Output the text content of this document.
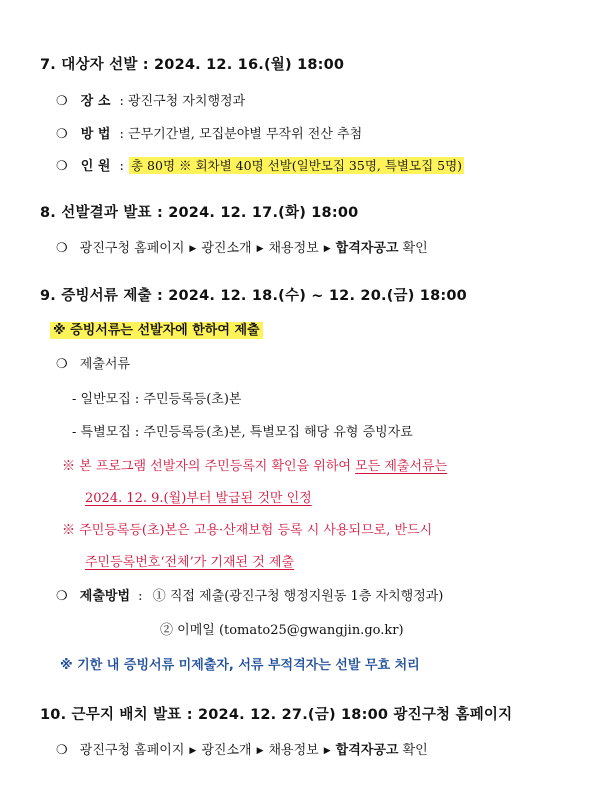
7. 대상자 선발 : 2024. 12. 16.(월) 18:00
❍ 장 소 : 광진구청 자치행정과
❍ 방 법 : 근무기간별, 모집분야별 무작위 전산 추첨
❍ 인 원 : 총 80명 ※ 회차별 40명 선발(일반모집 35명, 특별모집 5명)
8. 선발결과 발표 : 2024. 12. 17.(화) 18:00
❍ 광진구청 홈페이지 ▶ 광진소개 ▶ 채용정보 ▶ 합격자공고 확인
9. 증빙서류 제출 : 2024. 12. 18.(수) ~ 12. 20.(금) 18:00
※ 증빙서류는 선발자에 한하여 제출
❍ 제출서류
- 일반모집 : 주민등록등(초)본
- 특별모집 : 주민등록등(초)본, 특별모집 해당 유형 증빙자료
※ 본 프로그램 선발자의 주민등록지 확인을 위하여 모든 제출서류는
2024. 12. 9.(월)부터 발급된 것만 인정
※ 주민등록등(초)본은 고용·산재보험 등록 시 사용되므로, 반드시
주민등록번호‘전체’가 기재된 것 제출
❍ 제출방법 : ① 직접 제출(광진구청 행정지원동 1층 자치행정과)
② 이메일 (tomato25@gwangjin.go.kr)
※ 기한 내 증빙서류 미제출자, 서류 부적격자는 선발 무효 처리
10. 근무지 배치 발표 : 2024. 12. 27.(금) 18:00 광진구청 홈페이지
❍ 광진구청 홈페이지 ▶ 광진소개 ▶ 채용정보 ▶ 합격자공고 확인
